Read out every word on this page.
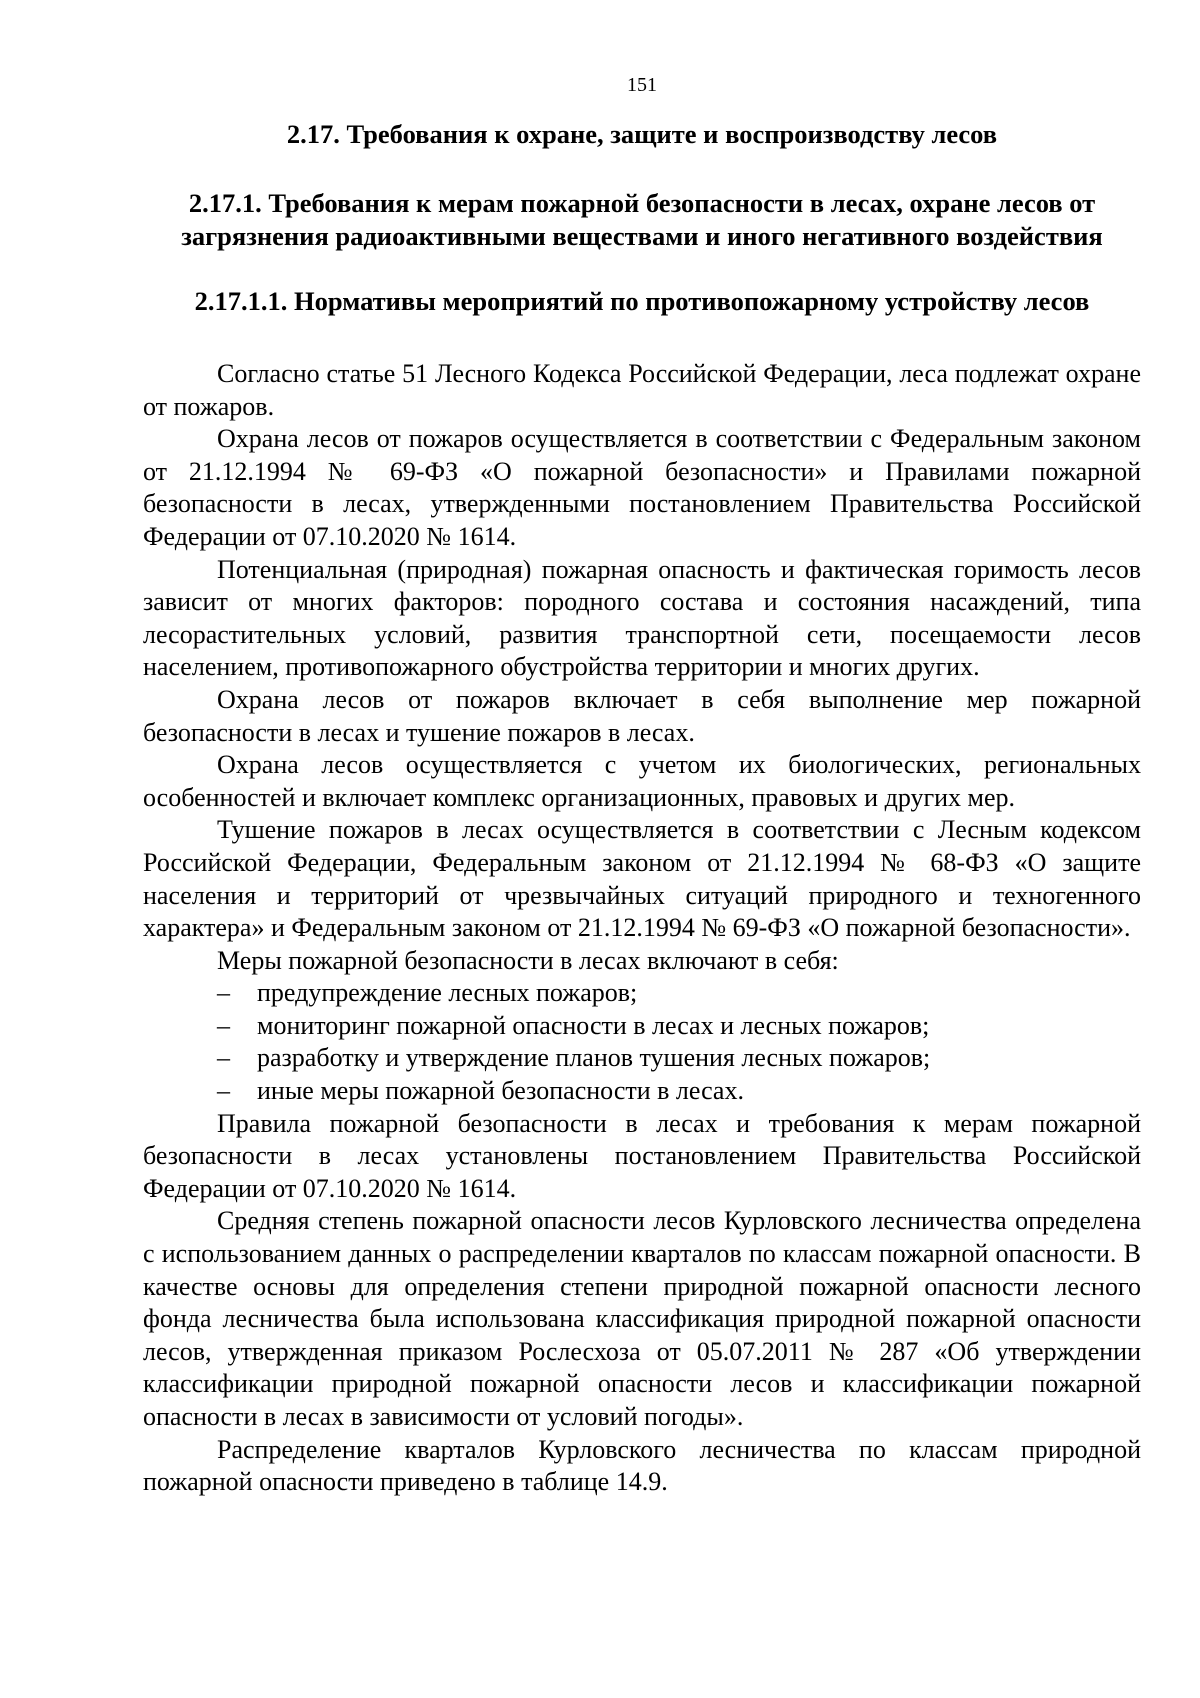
151
2.17. Требования к охране, защите и воспроизводству лесов
2.17.1. Требования к мерам пожарной безопасности в лесах, охране лесов от
загрязнения радиоактивными веществами и иного негативного воздействия
2.17.1.1. Нормативы мероприятий по противопожарному устройству лесов

Согласно статье 51 Лесного Кодекса Российской Федерации, леса подлежат охране от пожаров.

Охрана лесов от пожаров осуществляется в соответствии с Федеральным законом от 21.12.1994 № 69-ФЗ «О пожарной безопасности» и Правилами пожарной безопасности в лесах, утвержденными постановлением Правительства Российской Федерации от 07.10.2020 № 1614.

Потенциальная (природная) пожарная опасность и фактическая горимость лесов зависит от многих факторов: породного состава и состояния насаждений, типа лесорастительных условий, развития транспортной сети, посещаемости лесов населением, противопожарного обустройства территории и многих других.

Охрана лесов от пожаров включает в себя выполнение мер пожарной безопасности в лесах и тушение пожаров в лесах.

Охрана лесов осуществляется с учетом их биологических, региональных особенностей и включает комплекс организационных, правовых и других мер.

Тушение пожаров в лесах осуществляется в соответствии с Лесным кодексом Российской Федерации, Федеральным законом от 21.12.1994 № 68-ФЗ «О защите населения и территорий от чрезвычайных ситуаций природного и техногенного характера» и Федеральным законом от 21.12.1994 № 69-ФЗ «О пожарной безопасности».

Меры пожарной безопасности в лесах включают в себя:

– предупреждение лесных пожаров;
– мониторинг пожарной опасности в лесах и лесных пожаров;
– разработку и утверждение планов тушения лесных пожаров;
– иные меры пожарной безопасности в лесах.

Правила пожарной безопасности в лесах и требования к мерам пожарной безопасности в лесах установлены постановлением Правительства Российской Федерации от 07.10.2020 № 1614.

Средняя степень пожарной опасности лесов Курловского лесничества определена с использованием данных о распределении кварталов по классам пожарной опасности. В качестве основы для определения степени природной пожарной опасности лесного фонда лесничества была использована классификация природной пожарной опасности лесов, утвержденная приказом Рослесхоза от 05.07.2011 № 287 «Об утверждении классификации природной пожарной опасности лесов и классификации пожарной опасности в лесах в зависимости от условий погоды».

Распределение кварталов Курловского лесничества по классам природной пожарной опасности приведено в таблице 14.9.
